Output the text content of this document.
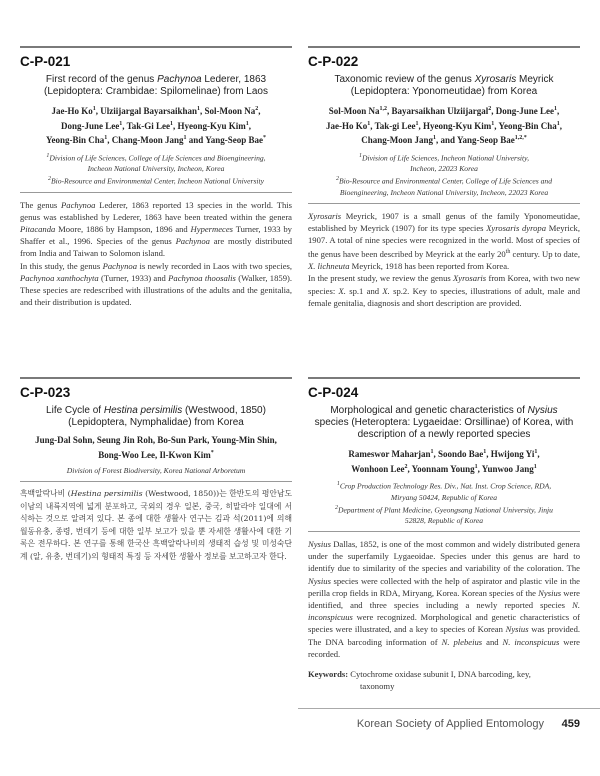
C-P-021
First record of the genus Pachynoa Lederer, 1863
(Lepidoptera: Crambidae: Spilomelinae) from Laos
Jae-Ho Ko$^1$, Ulziijargal Bayarsaikhan$^1$, Sol-Moon Na$^2$,
Dong-June Lee$^1$, Tak-Gi Lee$^1$, Hyeong-Kyu Kim$^1$,
Yeong-Bin Cha$^1$, Chang-Moon Jang$^1$ and Yang-Seop Bae*
$^1$Division of Life Sciences, College of Life Sciences and Bioengineering,
Incheon National University, Incheon, Korea
$^2$Bio-Resource and Environmental Center, Incheon National University

The genus Pachynoa Lederer, 1863 reported 13 species in the world. This genus was established by Lederer, 1863 have been treated within the genera Pitacanda Moore, 1886 by Hampson, 1896 and Hypermeces Turner, 1933 by Shaffer et al., 1996. Species of the genus Pachynoa are mostly distributed from India and Taiwan to Solomon island.

In this study, the genus Pachynoa is newly recorded in Laos with two species, Pachynoa xanthochyta (Turner, 1933) and Pachynoa thoosalis (Walker, 1859). These species are redescribed with illustrations of the adults and the genitalia, and their distribution is updated.

C-P-022
Taxonomic review of the genus Xyrosaris Meyrick
(Lepidoptera: Yponomeutidae) from Korea
Sol-Moon Na$^{1,2}$, Bayarsaikhan Ulziijargal$^2$, Dong-June Lee$^1$,
Jae-Ho Ko$^1$, Tak-gi Lee$^1$, Hyeong-Kyu Kim$^1$, Yeong-Bin Cha$^1$,
Chang-Moon Jang$^1$, and Yang-Seop Bae$^{1,2,*}$
$^1$Division of Life Sciences, Incheon National University,
Incheon, 22023 Korea
$^2$Bio-Resource and Environmental Center, College of Life Sciences and
Bioengineering, Incheon National University, Incheon, 22023 Korea

Xyrosaris Meyrick, 1907 is a small genus of the family Yponomeutidae, established by Meyrick (1907) for its type species Xyrosaris dyropa Meyrick, 1907. A total of nine species were recognized in the world. Most of species of the genus have been described by Meyrick at the early 20th century. Up to date, X. lichneuta Meyrick, 1918 has been reported from Korea.

In the present study, we review the genus Xyrosaris from Korea, with two new species: X. sp.1 and X. sp.2. Key to species, illustrations of adult, male and female genitalia, diagnosis and short description are provided.

C-P-023
Life Cycle of Hestina persimilis (Westwood, 1850)
(Lepidoptera, Nymphalidae) from Korea
Jung-Dal Sohn, Seung Jin Roh, Bo-Sun Park, Young-Min Shin,
Bong-Woo Lee, Il-Kwon Kim*
Division of Forest Biodiversity, Korea National Arboretum

흑백알락나비 (Hestina persimilis (Westwood, 1850))는 한반도의 평안남도 이남의 내륙지역에 넓게 분포하고, 국외의 경우 일본, 중국, 히말라야 일대에 서식하는 것으로 알려져 있다. 본 종에 대한 생활사 연구는 김과 석(2011)에 의해 월동유충, 종령, 번데기 등에 대한 일부 보고가 있을 뿐 자세한 생활사에 대한 기록은 전무하다. 본 연구를 통해 한국산 흑백알락나비의 생태적 습성 및 미성숙단계 (알, 유충, 번데기)의 형태적 특징 등 자세한 생활사 정보를 보고하고자 한다.

C-P-024
Morphological and genetic characteristics of Nysius
species (Heteroptera: Lygaeidae: Orsillinae) of Korea, with
description of a newly reported species
Rameswor Maharjan$^1$, Soondo Bae$^1$, Hwijong Yi$^1$,
Wonhoon Lee$^2$, Yoonnam Young$^1$, Yunwoo Jang$^1$
$^1$Crop Production Technology Res. Div., Nat. Inst. Crop Science, RDA,
Miryang 50424, Republic of Korea
$^2$Department of Plant Medicine, Gyeongsang National University, Jinju
52828, Republic of Korea

Nysius Dallas, 1852, is one of the most common and widely distributed genera under the superfamily Lygaeoidae. Species under this genus are hard to identify due to similarity of the species and variability of the coloration. The Nysius species were collected with the help of aspirator and plastic vile in the perilla crop fields in RDA, Miryang, Korea. Korean species of the Nysius were identified, and three species including a newly reported species N. inconspicuus were recognized. Morphological and genetic characteristics of species were illustrated, and a key to species of Korean Nysius was provided. The DNA barcoding information of N. plebeius and N. inconspicuus were recorded.

Keywords: Cytochrome oxidase subunit I, DNA barcoding, key,
taxonomy
Korean Society of Applied Entomology 459
